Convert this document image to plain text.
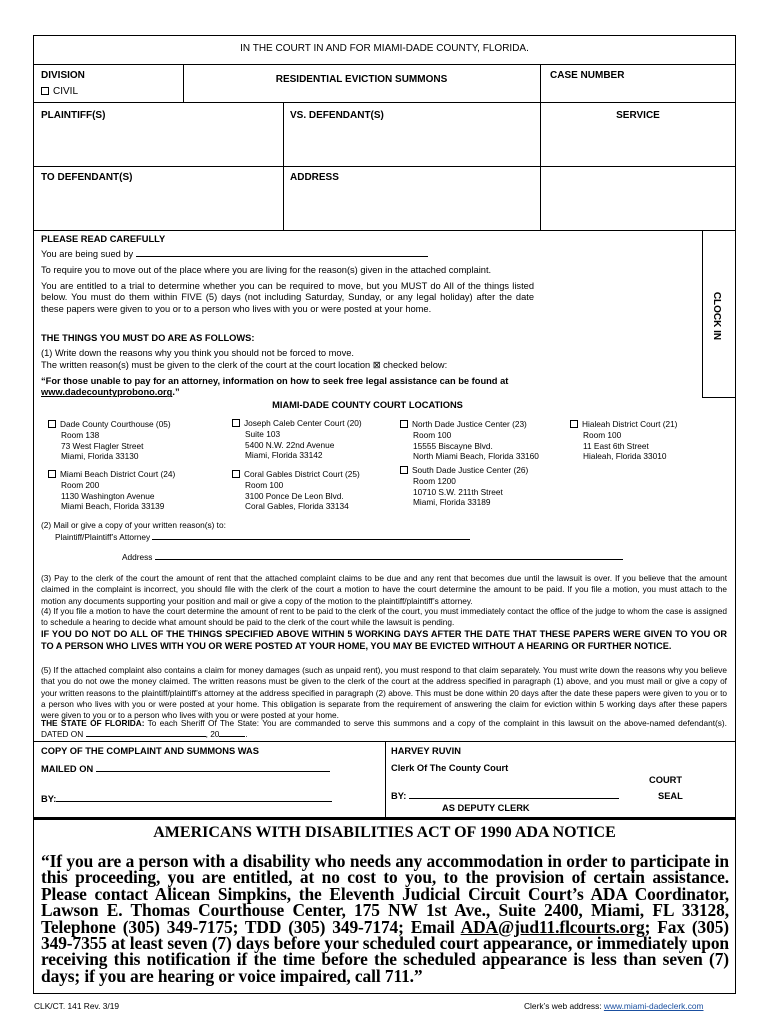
IN THE COURT IN AND FOR MIAMI-DADE COUNTY, FLORIDA.
DIVISION
CIVIL
RESIDENTIAL EVICTION SUMMONS	CASE NUMBER
PLAINTIFF(S)	VS. DEFENDANT(S)	SERVICE
TO DEFENDANT(S)	ADDRESS
CLOCK IN
PLEASE READ CAREFULLY
You are being sued by
To require you to move out of the place where you are living for the reason(s) given in the attached complaint.
You are entitled to a trial to determine whether you can be required to move, but you MUST do All of the things listed below. You must do them within FIVE (5) days (not including Saturday, Sunday, or any legal holiday) after the date these papers were given to you or to a person who lives with you or were posted at your home.
THE THINGS YOU MUST DO ARE AS FOLLOWS:
(1) Write down the reasons why you think you should not be forced to move.
The written reason(s) must be given to the clerk of the court at the court location ⊠ checked below:
“For those unable to pay for an attorney, information on how to seek free legal assistance can be found at www.dadecountyprobono.org.”
MIAMI-DADE COUNTY COURT LOCATIONS
Dade County Courthouse (05)
Room 138
73 West Flagler Street
Miami, Florida 33130
Joseph Caleb Center Court (20)
Suite 103
5400 N.W. 22nd Avenue
Miami, Florida 33142
North Dade Justice Center (23)
Room 100
15555 Biscayne Blvd.
North Miami Beach, Florida 33160
Hialeah District Court (21)
Room 100
11 East 6th Street
Hialeah, Florida 33010
Miami Beach District Court (24)
Room 200
1130 Washington Avenue
Miami Beach, Florida 33139
Coral Gables District Court (25)
Room 100
3100 Ponce De Leon Blvd.
Coral Gables, Florida 33134
South Dade Justice Center (26)
Room 1200
10710 S.W. 211th Street
Miami, Florida 33189
(2) Mail or give a copy of your written reason(s) to:
Plaintiff/Plaintiff’s Attorney
Address
(3) Pay to the clerk of the court the amount of rent that the attached complaint claims to be due and any rent that becomes due until the lawsuit is over. If you believe that the amount claimed in the complaint is incorrect, you should file with the clerk of the court a motion to have the court determine the amount to be paid. If you file a motion, you must attach to the motion any documents supporting your position and mail or give a copy of the motion to the plaintiff/plaintiff’s attorney.
(4) If you file a motion to have the court determine the amount of rent to be paid to the clerk of the court, you must immediately contact the office of the judge to whom the case is assigned to schedule a hearing to decide what amount should be paid to the clerk of the court while the lawsuit is pending.
IF YOU DO NOT DO ALL OF THE THINGS SPECIFIED ABOVE WITHIN 5 WORKING DAYS AFTER THE DATE THAT THESE PAPERS WERE GIVEN TO YOU OR TO A PERSON WHO LIVES WITH YOU OR WERE POSTED AT YOUR HOME, YOU MAY BE EVICTED WITHOUT A HEARING OR FURTHER NOTICE.
(5) If the attached complaint also contains a claim for money damages (such as unpaid rent), you must respond to that claim separately. You must write down the reasons why you believe that you do not owe the money claimed. The written reasons must be given to the clerk of the court at the address specified in paragraph (1) above, and you must mail or give a copy of your written reasons to the plaintiff/plaintiff’s attorney at the address specified in paragraph (2) above. This must be done within 20 days after the date these papers were given to you or to a person who lives with you or were posted at your home. This obligation is separate from the requirement of answering the claim for eviction within 5 working days after these papers were given to you or to a person who lives with you or were posted at your home.
THE STATE OF FLORIDA: To each Sheriff Of The State: You are commanded to serve this summons and a copy of the complaint in this lawsuit on the above-named defendant(s). DATED ON	, 20	.
COPY OF THE COMPLAINT AND SUMMONS WAS
MAILED ON
BY:
HARVEY RUVIN
Clerk Of The County Court
COURT
SEAL
BY:
AS DEPUTY CLERK
AMERICANS WITH DISABILITIES ACT OF 1990 ADA NOTICE
“If you are a person with a disability who needs any accommodation in order to participate in this proceeding, you are entitled, at no cost to you, to the provision of certain assistance. Please contact Alicean Simpkins, the Eleventh Judicial Circuit Court’s ADA Coordinator, Lawson E. Thomas Courthouse Center, 175 NW 1st Ave., Suite 2400, Miami, FL 33128, Telephone (305) 349-7175; TDD (305) 349-7174; Email ADA@jud11.flcourts.org; Fax (305) 349-7355 at least seven (7) days before your scheduled court appearance, or immediately upon receiving this notification if the time before the scheduled appearance is less than seven (7) days; if you are hearing or voice impaired, call 711.”
CLK/CT. 141 Rev. 3/19	Clerk’s web address: www.miami-dadeclerk.com
